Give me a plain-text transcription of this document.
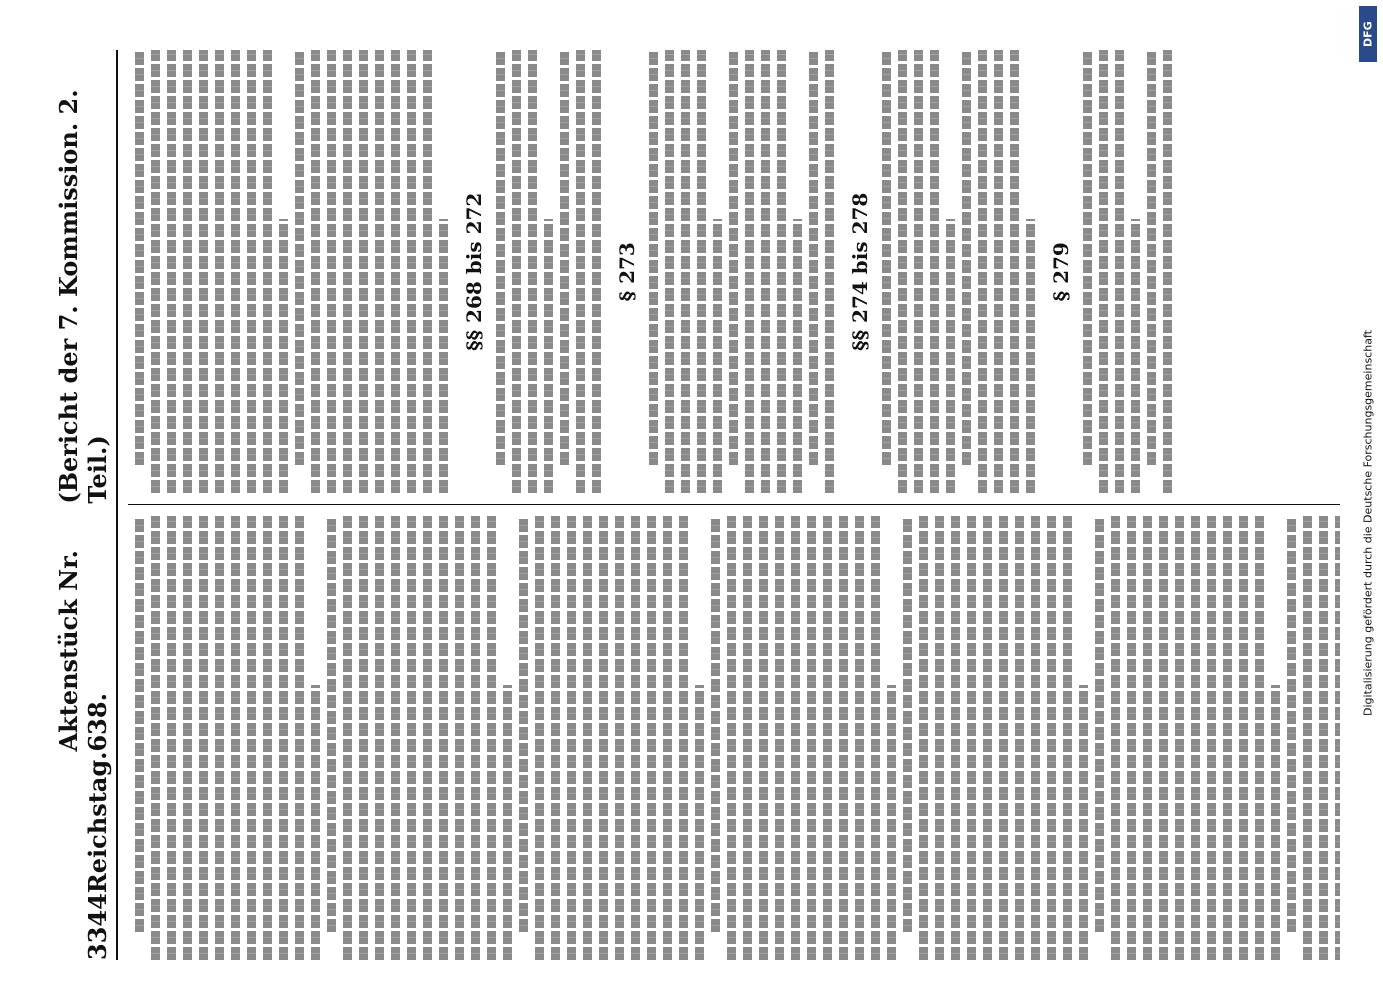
DFG
Digitalisierung gefördert durch die Deutsche Forschungsgemeinschaft
3344
Reichstag.
Aktenstück Nr. 638.
(Bericht der 7. Kommission. 2. Teil.)
§§ 268 bis 272	§ 273	§§ 274 bis 278	§ 279
